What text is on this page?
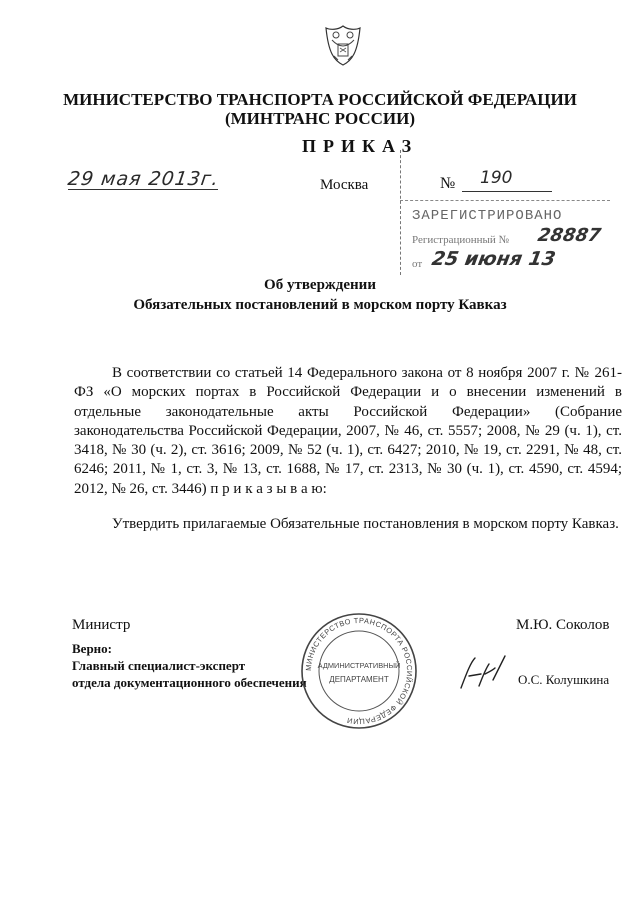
МИНИСТЕРСТВО ТРАНСПОРТА РОССИЙСКОЙ ФЕДЕРАЦИИ
(МИНТРАНС РОССИИ)
ПРИКАЗ
29 мая 2013г.	Москва	№ 190
ЗАРЕГИСТРИРОВАНО
Регистрационный № 28887
от 25 июня 13
Об утверждении
Обязательных постановлений в морском порту Кавказ
В соответствии со статьей 14 Федерального закона от 8 ноября 2007 г. № 261-ФЗ «О морских портах в Российской Федерации и о внесении изменений в отдельные законодательные акты Российской Федерации» (Собрание законодательства Российской Федерации, 2007, № 46, ст. 5557; 2008, № 29 (ч. 1), ст. 3418, № 30 (ч. 2), ст. 3616; 2009, № 52 (ч. 1), ст. 6427; 2010, № 19, ст. 2291, № 48, ст. 6246; 2011, № 1, ст. 3, № 13, ст. 1688, № 17, ст. 2313, № 30 (ч. 1), ст. 4590, ст. 4594; 2012, № 26, ст. 3446) п р и к а з ы в а ю:
Утвердить прилагаемые Обязательные постановления в морском порту Кавказ.
Министр	М.Ю. Соколов
Верно:
Главный специалист-эксперт
отдела документационного обеспечения
МИНИСТЕРСТВО ТРАНСПОРТА РОССИЙСКОЙ ФЕДЕРАЦИИ
АДМИНИСТРАТИВНЫЙ
ДЕПАРТАМЕНТ	О.С. Колушкина
